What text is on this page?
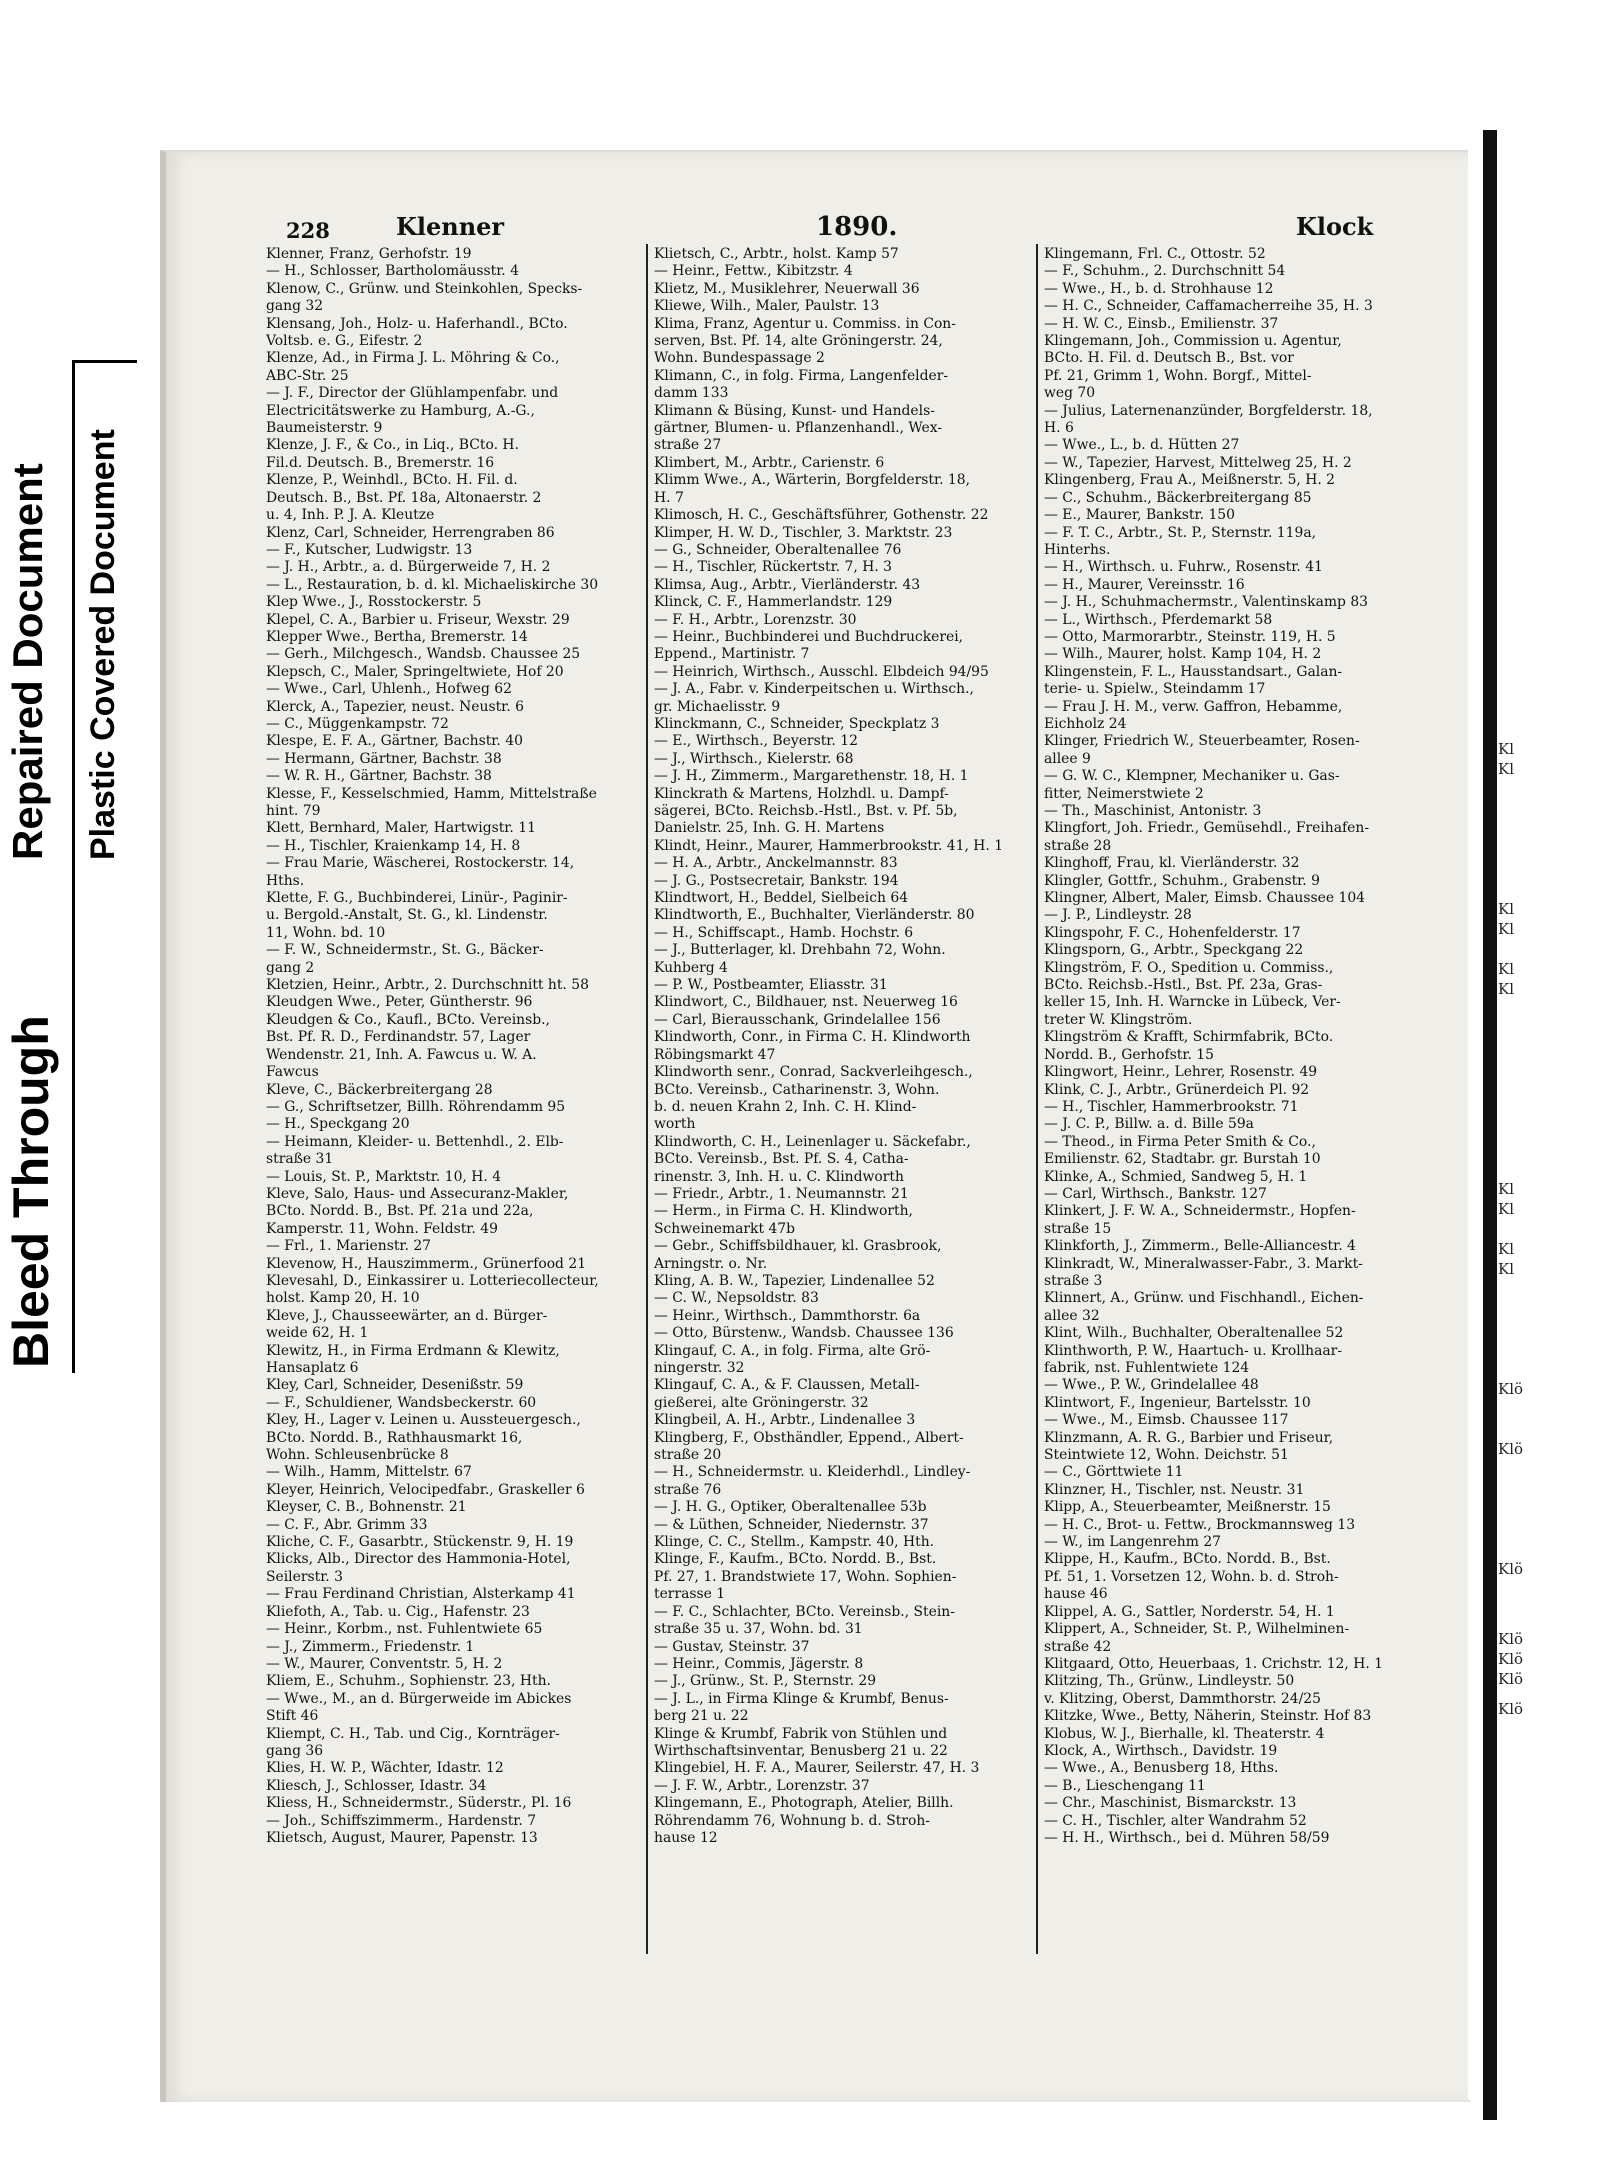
Repaired Document Plastic Covered Document
Bleed Through
228	Klenner	1890.	Klock
Klenner, Franz, Gerhofstr. 19
— H., Schlosser, Bartholomäusstr. 4
Klenow, C., Grünw. und Steinkohlen, Specks-
gang 32
Klensang, Joh., Holz- u. Haferhandl., BCto.
Voltsb. e. G., Eifestr. 2
Klenze, Ad., in Firma J. L. Möhring & Co.,
ABC-Str. 25
— J. F., Director der Glühlampenfabr. und
Electricitätswerke zu Hamburg, A.-G.,
Baumeisterstr. 9
Klenze, J. F., & Co., in Liq., BCto. H.
Fil.d. Deutsch. B., Bremerstr. 16
Klenze, P., Weinhdl., BCto. H. Fil. d.
Deutsch. B., Bst. Pf. 18a, Altonaerstr. 2
u. 4, Inh. P. J. A. Kleutze
Klenz, Carl, Schneider, Herrengraben 86
— F., Kutscher, Ludwigstr. 13
— J. H., Arbtr., a. d. Bürgerweide 7, H. 2
— L., Restauration, b. d. kl. Michaeliskirche 30
Klep Wwe., J., Rosstockerstr. 5
Klepel, C. A., Barbier u. Friseur, Wexstr. 29
Klepper Wwe., Bertha, Bremerstr. 14
— Gerh., Milchgesch., Wandsb. Chaussee 25
Klepsch, C., Maler, Springeltwiete, Hof 20
— Wwe., Carl, Uhlenh., Hofweg 62
Klerck, A., Tapezier, neust. Neustr. 6
— C., Müggenkampstr. 72
Klespe, E. F. A., Gärtner, Bachstr. 40
— Hermann, Gärtner, Bachstr. 38
— W. R. H., Gärtner, Bachstr. 38
Klesse, F., Kesselschmied, Hamm, Mittelstraße
hint. 79
Klett, Bernhard, Maler, Hartwigstr. 11
— H., Tischler, Kraienkamp 14, H. 8
— Frau Marie, Wäscherei, Rostockerstr. 14,
Hths.
Klette, F. G., Buchbinderei, Linür-, Paginir-
u. Bergold.-Anstalt, St. G., kl. Lindenstr.
11, Wohn. bd. 10
— F. W., Schneidermstr., St. G., Bäcker-
gang 2
Kletzien, Heinr., Arbtr., 2. Durchschnitt ht. 58
Kleudgen Wwe., Peter, Güntherstr. 96
Kleudgen & Co., Kaufl., BCto. Vereinsb.,
Bst. Pf. R. D., Ferdinandstr. 57, Lager
Wendenstr. 21, Inh. A. Fawcus u. W. A.
Fawcus
Kleve, C., Bäckerbreitergang 28
— G., Schriftsetzer, Billh. Röhrendamm 95
— H., Speckgang 20
— Heimann, Kleider- u. Bettenhdl., 2. Elb-
straße 31
— Louis, St. P., Marktstr. 10, H. 4
Kleve, Salo, Haus- und Assecuranz-Makler,
BCto. Nordd. B., Bst. Pf. 21a und 22a,
Kamperstr. 11, Wohn. Feldstr. 49
— Frl., 1. Marienstr. 27
Klevenow, H., Hauszimmerm., Grünerfood 21
Klevesahl, D., Einkassirer u. Lotteriecollecteur,
holst. Kamp 20, H. 10
Kleve, J., Chausseewärter, an d. Bürger-
weide 62, H. 1
Klewitz, H., in Firma Erdmann & Klewitz,
Hansaplatz 6
Kley, Carl, Schneider, Desenißstr. 59
— F., Schuldiener, Wandsbeckerstr. 60
Kley, H., Lager v. Leinen u. Aussteuergesch.,
BCto. Nordd. B., Rathhausmarkt 16,
Wohn. Schleusenbrücke 8
— Wilh., Hamm, Mittelstr. 67
Kleyer, Heinrich, Velocipedfabr., Graskeller 6
Kleyser, C. B., Bohnenstr. 21
— C. F., Abr. Grimm 33
Kliche, C. F., Gasarbtr., Stückenstr. 9, H. 19
Klicks, Alb., Director des Hammonia-Hotel,
Seilerstr. 3
— Frau Ferdinand Christian, Alsterkamp 41
Kliefoth, A., Tab. u. Cig., Hafenstr. 23
— Heinr., Korbm., nst. Fuhlentwiete 65
— J., Zimmerm., Friedenstr. 1
— W., Maurer, Conventstr. 5, H. 2
Kliem, E., Schuhm., Sophienstr. 23, Hth.
— Wwe., M., an d. Bürgerweide im Abickes
Stift 46
Kliempt, C. H., Tab. und Cig., Kornträger-
gang 36
Klies, H. W. P., Wächter, Idastr. 12
Kliesch, J., Schlosser, Idastr. 34
Kliess, H., Schneidermstr., Süderstr., Pl. 16
— Joh., Schiffszimmerm., Hardenstr. 7
Klietsch, August, Maurer, Papenstr. 13
Klietsch, C., Arbtr., holst. Kamp 57
— Heinr., Fettw., Kibitzstr. 4
Klietz, M., Musiklehrer, Neuerwall 36
Kliewe, Wilh., Maler, Paulstr. 13
Klima, Franz, Agentur u. Commiss. in Con-
serven, Bst. Pf. 14, alte Gröningerstr. 24,
Wohn. Bundespassage 2
Klimann, C., in folg. Firma, Langenfelder-
damm 133
Klimann & Büsing, Kunst- und Handels-
gärtner, Blumen- u. Pflanzenhandl., Wex-
straße 27
Klimbert, M., Arbtr., Carienstr. 6
Klimm Wwe., A., Wärterin, Borgfelderstr. 18,
H. 7
Klimosch, H. C., Geschäftsführer, Gothenstr. 22
Klimper, H. W. D., Tischler, 3. Marktstr. 23
— G., Schneider, Oberaltenallee 76
— H., Tischler, Rückertstr. 7, H. 3
Klimsa, Aug., Arbtr., Vierländerstr. 43
Klinck, C. F., Hammerlandstr. 129
— F. H., Arbtr., Lorenzstr. 30
— Heinr., Buchbinderei und Buchdruckerei,
Eppend., Martinistr. 7
— Heinrich, Wirthsch., Ausschl. Elbdeich 94/95
— J. A., Fabr. v. Kinderpeitschen u. Wirthsch.,
gr. Michaelisstr. 9
Klinckmann, C., Schneider, Speckplatz 3
— E., Wirthsch., Beyerstr. 12
— J., Wirthsch., Kielerstr. 68
— J. H., Zimmerm., Margarethenstr. 18, H. 1
Klinckrath & Martens, Holzhdl. u. Dampf-
sägerei, BCto. Reichsb.-Hstl., Bst. v. Pf. 5b,
Danielstr. 25, Inh. G. H. Martens
Klindt, Heinr., Maurer, Hammerbrookstr. 41, H. 1
— H. A., Arbtr., Anckelmannstr. 83
— J. G., Postsecretair, Bankstr. 194
Klindtwort, H., Beddel, Sielbeich 64
Klindtworth, E., Buchhalter, Vierländerstr. 80
— H., Schiffscapt., Hamb. Hochstr. 6
— J., Butterlager, kl. Drehbahn 72, Wohn.
Kuhberg 4
— P. W., Postbeamter, Eliasstr. 31
Klindwort, C., Bildhauer, nst. Neuerweg 16
— Carl, Bierausschank, Grindelallee 156
Klindworth, Conr., in Firma C. H. Klindworth
Röbingsmarkt 47
Klindworth senr., Conrad, Sackverleihgesch.,
BCto. Vereinsb., Catharinenstr. 3, Wohn.
b. d. neuen Krahn 2, Inh. C. H. Klind-
worth
Klindworth, C. H., Leinenlager u. Säckefabr.,
BCto. Vereinsb., Bst. Pf. S. 4, Catha-
rinenstr. 3, Inh. H. u. C. Klindworth
— Friedr., Arbtr., 1. Neumannstr. 21
— Herm., in Firma C. H. Klindworth,
Schweinemarkt 47b
— Gebr., Schiffsbildhauer, kl. Grasbrook,
Arningstr. o. Nr.
Kling, A. B. W., Tapezier, Lindenallee 52
— C. W., Nepsoldstr. 83
— Heinr., Wirthsch., Dammthorstr. 6a
— Otto, Bürstenw., Wandsb. Chaussee 136
Klingauf, C. A., in folg. Firma, alte Grö-
ningerstr. 32
Klingauf, C. A., & F. Claussen, Metall-
gießerei, alte Gröningerstr. 32
Klingbeil, A. H., Arbtr., Lindenallee 3
Klingberg, F., Obsthändler, Eppend., Albert-
straße 20
— H., Schneidermstr. u. Kleiderhdl., Lindley-
straße 76
— J. H. G., Optiker, Oberaltenallee 53b
— & Lüthen, Schneider, Niedernstr. 37
Klinge, C. C., Stellm., Kampstr. 40, Hth.
Klinge, F., Kaufm., BCto. Nordd. B., Bst.
Pf. 27, 1. Brandstwiete 17, Wohn. Sophien-
terrasse 1
— F. C., Schlachter, BCto. Vereinsb., Stein-
straße 35 u. 37, Wohn. bd. 31
— Gustav, Steinstr. 37
— Heinr., Commis, Jägerstr. 8
— J., Grünw., St. P., Sternstr. 29
— J. L., in Firma Klinge & Krumbf, Benus-
berg 21 u. 22
Klinge & Krumbf, Fabrik von Stühlen und
Wirthschaftsinventar, Benusberg 21 u. 22
Klingebiel, H. F. A., Maurer, Seilerstr. 47, H. 3
— J. F. W., Arbtr., Lorenzstr. 37
Klingemann, E., Photograph, Atelier, Billh.
Röhrendamm 76, Wohnung b. d. Stroh-
hause 12
Klingemann, Frl. C., Ottostr. 52
— F., Schuhm., 2. Durchschnitt 54
— Wwe., H., b. d. Strohhause 12
— H. C., Schneider, Caffamacherreihe 35, H. 3
— H. W. C., Einsb., Emilienstr. 37
Klingemann, Joh., Commission u. Agentur,
BCto. H. Fil. d. Deutsch B., Bst. vor
Pf. 21, Grimm 1, Wohn. Borgf., Mittel-
weg 70
— Julius, Laternenanzünder, Borgfelderstr. 18,
H. 6
— Wwe., L., b. d. Hütten 27
— W., Tapezier, Harvest, Mittelweg 25, H. 2
Klingenberg, Frau A., Meißnerstr. 5, H. 2
— C., Schuhm., Bäckerbreitergang 85
— E., Maurer, Bankstr. 150
— F. T. C., Arbtr., St. P., Sternstr. 119a,
Hinterhs.
— H., Wirthsch. u. Fuhrw., Rosenstr. 41
— H., Maurer, Vereinsstr. 16
— J. H., Schuhmachermstr., Valentinskamp 83
— L., Wirthsch., Pferdemarkt 58
— Otto, Marmorarbtr., Steinstr. 119, H. 5
— Wilh., Maurer, holst. Kamp 104, H. 2
Klingenstein, F. L., Hausstandsart., Galan-
terie- u. Spielw., Steindamm 17
— Frau J. H. M., verw. Gaffron, Hebamme,
Eichholz 24
Klinger, Friedrich W., Steuerbeamter, Rosen-
allee 9
— G. W. C., Klempner, Mechaniker u. Gas-
fitter, Neimerstwiete 2
— Th., Maschinist, Antonistr. 3
Klingfort, Joh. Friedr., Gemüsehdl., Freihafen-
straße 28
Klinghoff, Frau, kl. Vierländerstr. 32
Klingler, Gottfr., Schuhm., Grabenstr. 9
Klingner, Albert, Maler, Eimsb. Chaussee 104
— J. P., Lindleystr. 28
Klingspohr, F. C., Hohenfelderstr. 17
Klingsporn, G., Arbtr., Speckgang 22
Klingström, F. O., Spedition u. Commiss.,
BCto. Reichsb.-Hstl., Bst. Pf. 23a, Gras-
keller 15, Inh. H. Warncke in Lübeck, Ver-
treter W. Klingström.
Klingström & Krafft, Schirmfabrik, BCto.
Nordd. B., Gerhofstr. 15
Klingwort, Heinr., Lehrer, Rosenstr. 49
Klink, C. J., Arbtr., Grünerdeich Pl. 92
— H., Tischler, Hammerbrookstr. 71
— J. C. P., Billw. a. d. Bille 59a
— Theod., in Firma Peter Smith & Co.,
Emilienstr. 62, Stadtabr. gr. Burstah 10
Klinke, A., Schmied, Sandweg 5, H. 1
— Carl, Wirthsch., Bankstr. 127
Klinkert, J. F. W. A., Schneidermstr., Hopfen-
straße 15
Klinkforth, J., Zimmerm., Belle-Alliancestr. 4
Klinkradt, W., Mineralwasser-Fabr., 3. Markt-
straße 3
Klinnert, A., Grünw. und Fischhandl., Eichen-
allee 32
Klint, Wilh., Buchhalter, Oberaltenallee 52
Klinthworth, P. W., Haartuch- u. Krollhaar-
fabrik, nst. Fuhlentwiete 124
— Wwe., P. W., Grindelallee 48
Klintwort, F., Ingenieur, Bartelsstr. 10
— Wwe., M., Eimsb. Chaussee 117
Klinzmann, A. R. G., Barbier und Friseur,
Steintwiete 12, Wohn. Deichstr. 51
— C., Görttwiete 11
Klinzner, H., Tischler, nst. Neustr. 31
Klipp, A., Steuerbeamter, Meißnerstr. 15
— H. C., Brot- u. Fettw., Brockmannsweg 13
— W., im Langenrehm 27
Klippe, H., Kaufm., BCto. Nordd. B., Bst.
Pf. 51, 1. Vorsetzen 12, Wohn. b. d. Stroh-
hause 46
Klippel, A. G., Sattler, Norderstr. 54, H. 1
Klippert, A., Schneider, St. P., Wilhelminen-
straße 42
Klitgaard, Otto, Heuerbaas, 1. Crichstr. 12, H. 1
Klitzing, Th., Grünw., Lindleystr. 50
v. Klitzing, Oberst, Dammthorstr. 24/25
Klitzke, Wwe., Betty, Näherin, Steinstr. Hof 83
Klobus, W. J., Bierhalle, kl. Theaterstr. 4
Klock, A., Wirthsch., Davidstr. 19
— Wwe., A., Benusberg 18, Hths.
— B., Lieschengang 11
— Chr., Maschinist, Bismarckstr. 13
— C. H., Tischler, alter Wandrahm 52
— H. H., Wirthsch., bei d. Mühren 58/59
Kl
Kl
Kl
Kl
Kl
Kl
Kl
Kl
Kl
Kl
Klö
Klö
Klö
Klö
Klö
Klö
Klö
